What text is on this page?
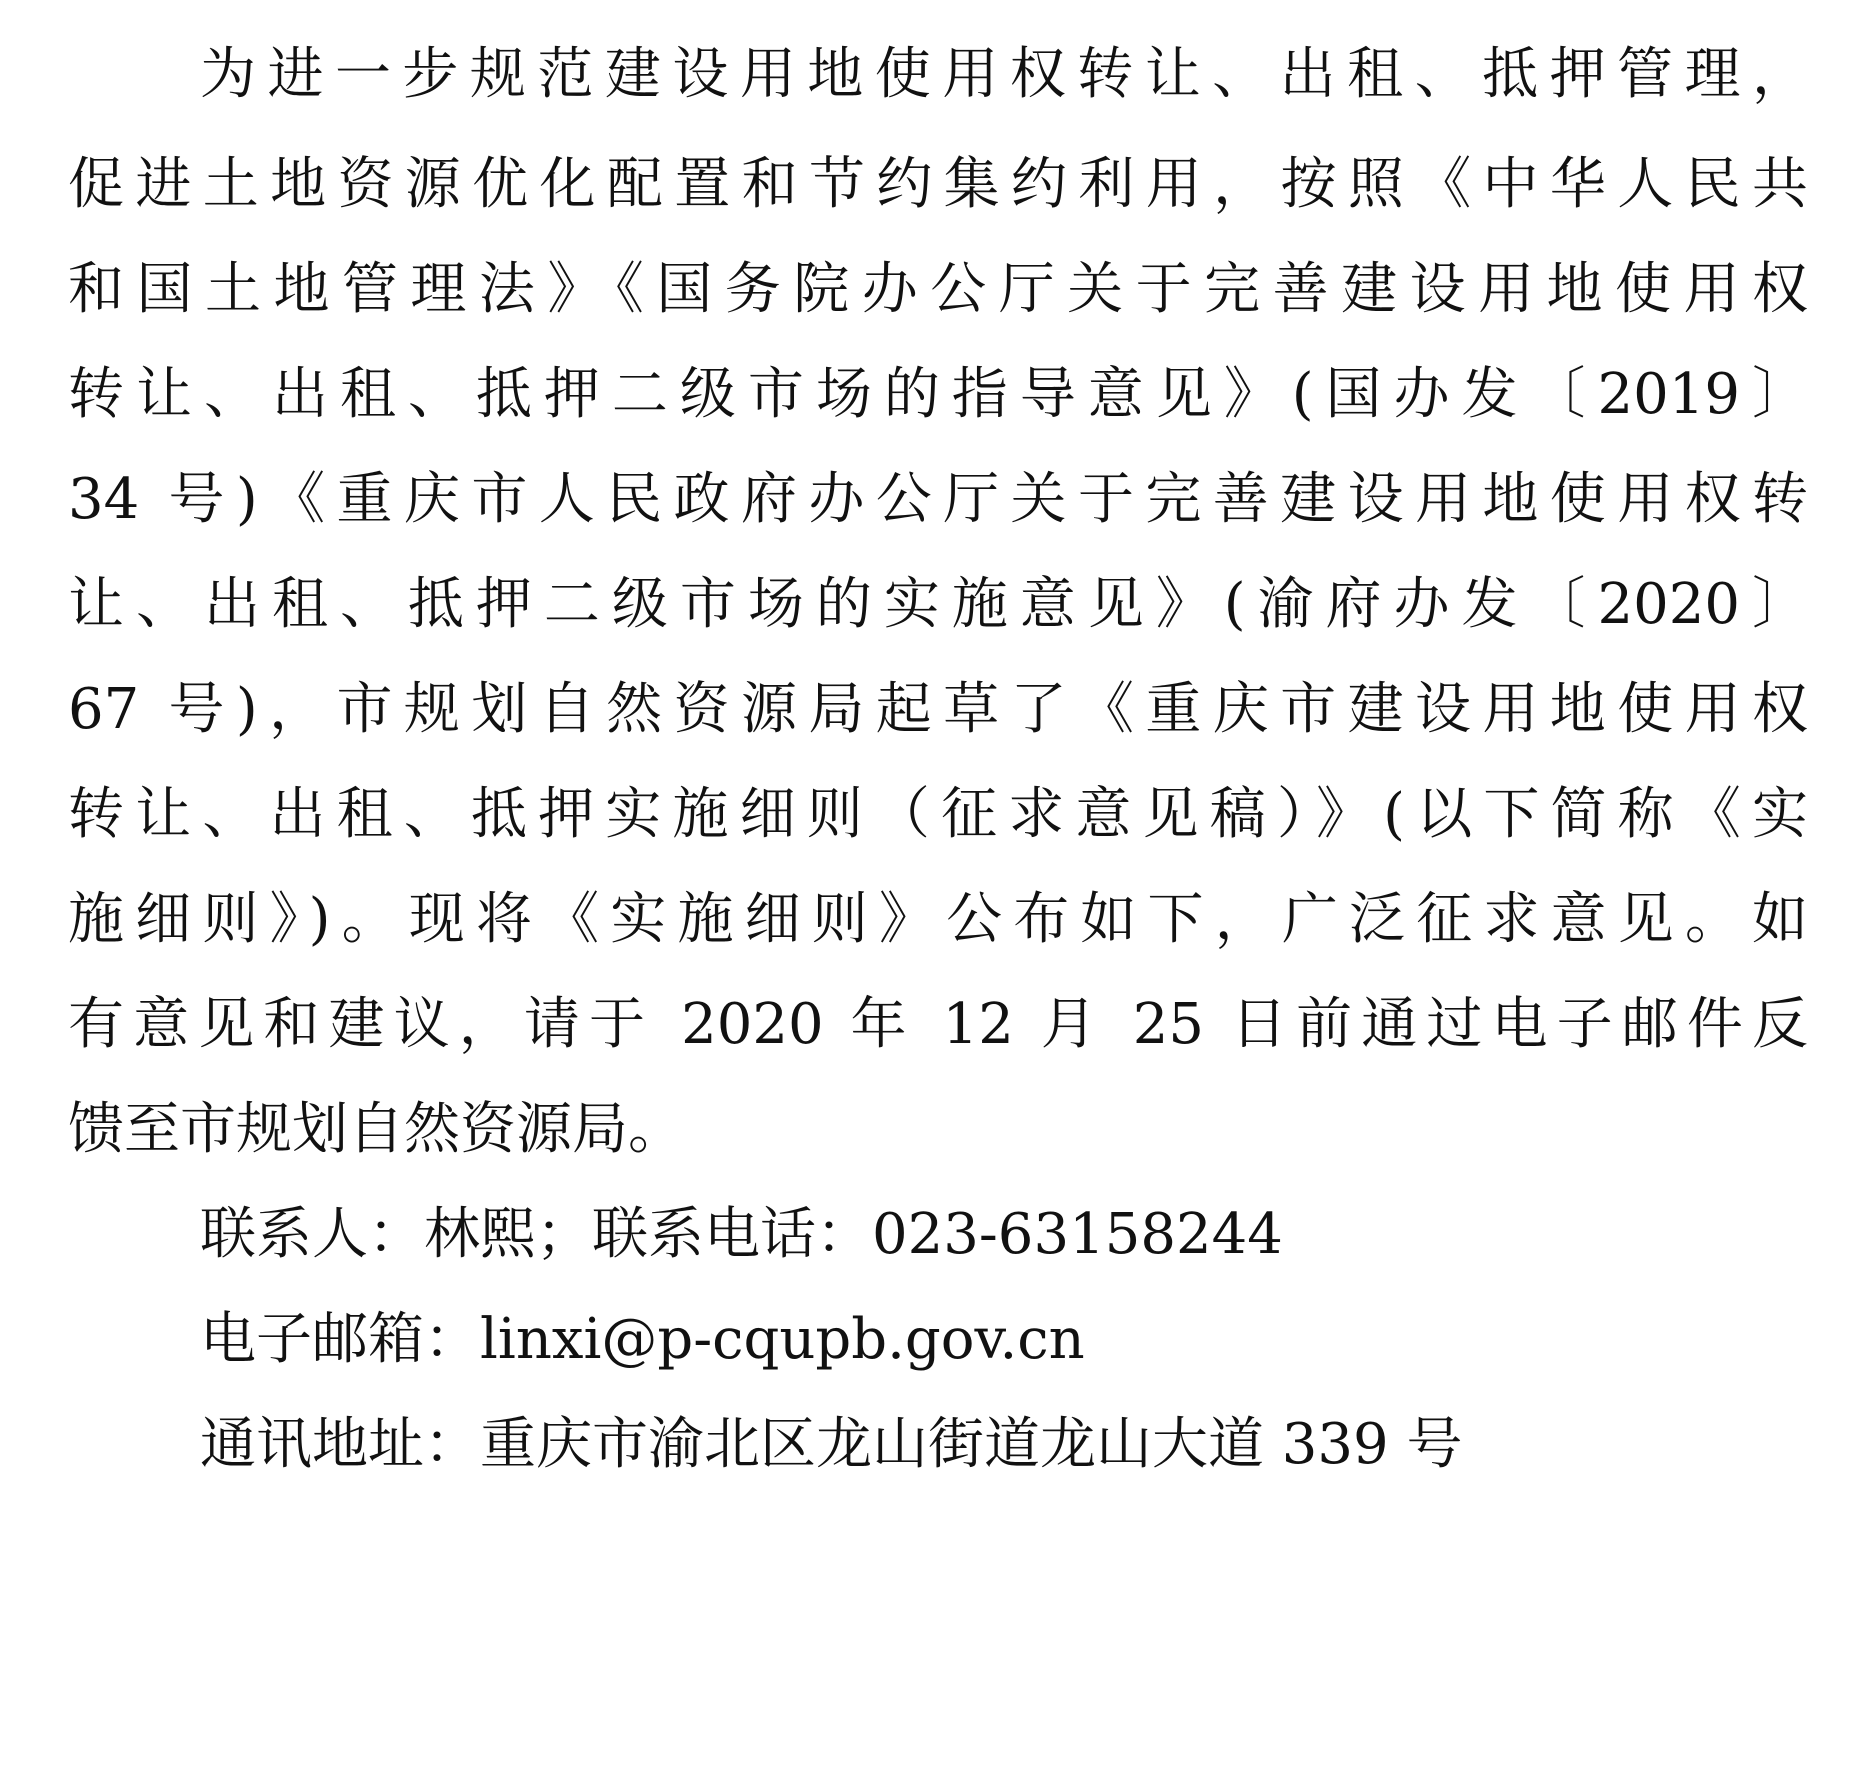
为进一步规范建设用地使用权转让、出租、抵押管理，
促进土地资源优化配置和节约集约利用，按照《中华人民共
和国土地管理法》《国务院办公厅关于完善建设用地使用权
转让、出租、抵押二级市场的指导意见》(国办发〔2019〕
34 号)《重庆市人民政府办公厅关于完善建设用地使用权转
让、出租、抵押二级市场的实施意见》(渝府办发〔2020〕
67 号)，市规划自然资源局起草了《重庆市建设用地使用权
转让、出租、抵押实施细则（征求意见稿）》(以下简称《实
施细则》)。现将《实施细则》公布如下，广泛征求意见。如
有意见和建议，请于 2020 年 12 月 25 日前通过电子邮件反
馈至市规划自然资源局。
联系人：林熙；联系电话：023-63158244
电子邮箱：linxi@p-cqupb.gov.cn
通讯地址：重庆市渝北区龙山街道龙山大道 339 号
